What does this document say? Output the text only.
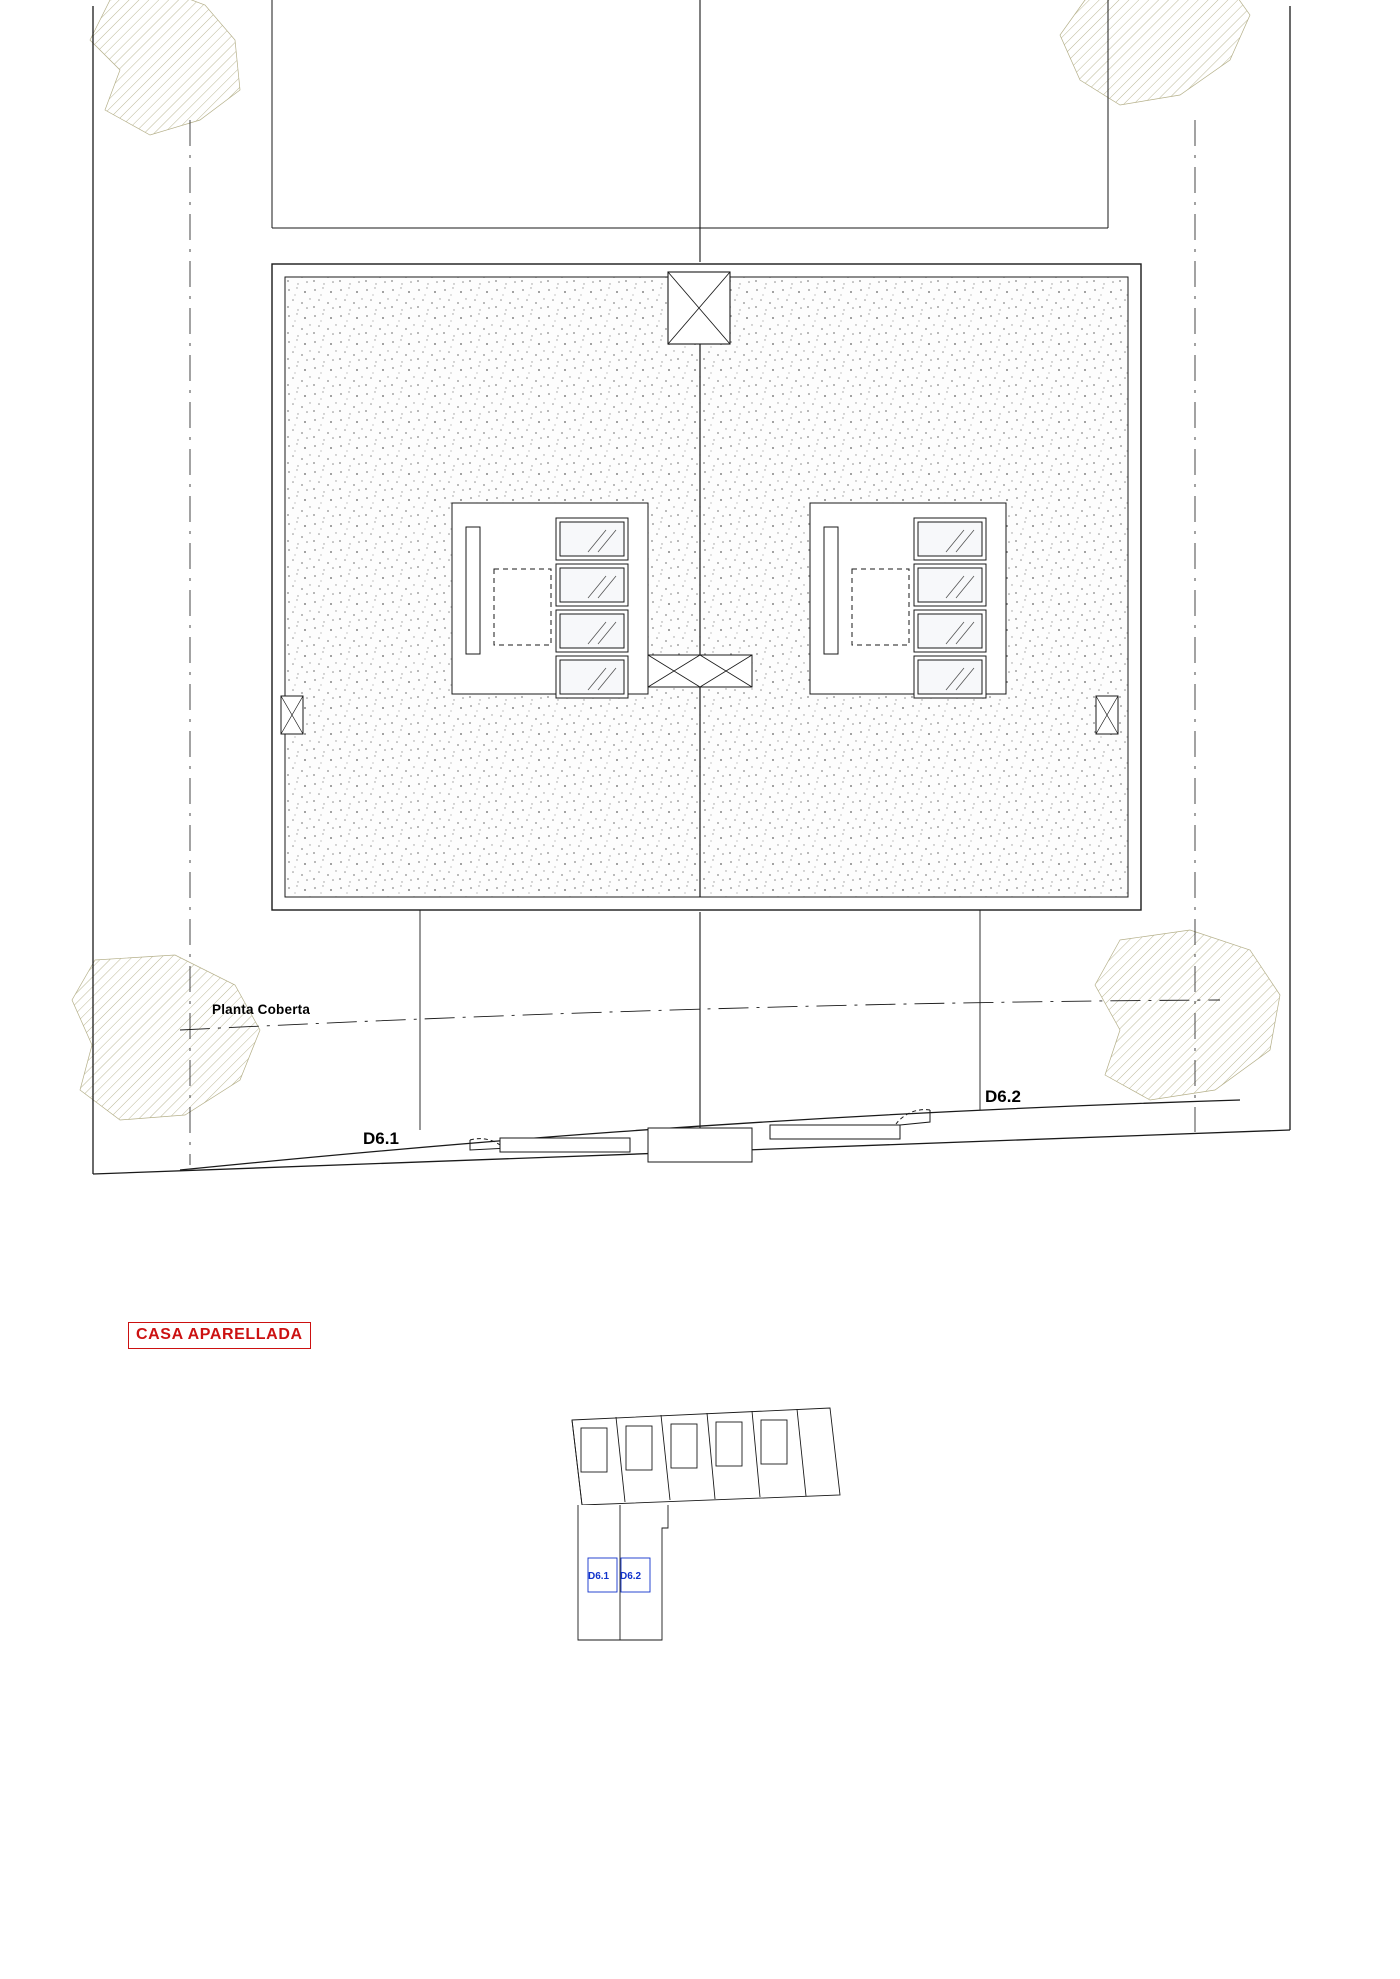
Planta Coberta
D6.1
D6.2
CASA APARELLADA
D6.1 D6.2
